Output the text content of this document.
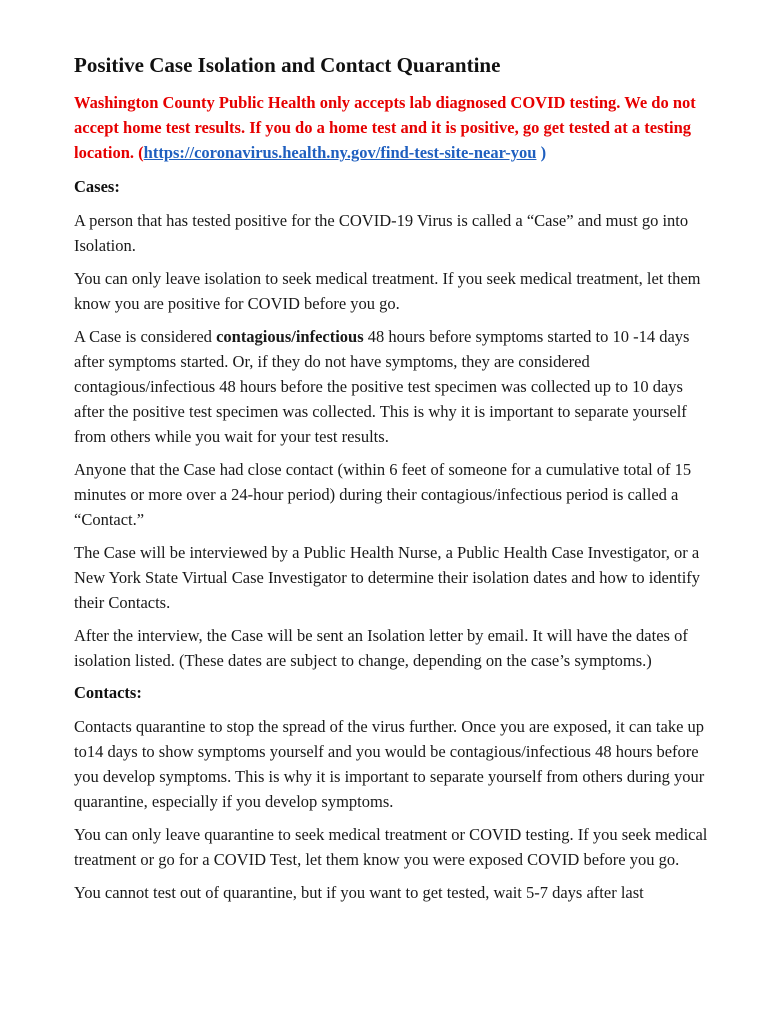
Positive Case Isolation and Contact Quarantine
Washington County Public Health only accepts lab diagnosed COVID testing. We do not accept home test results. If you do a home test and it is positive, go get tested at a testing location. (https://coronavirus.health.ny.gov/find-test-site-near-you )
Cases:

A person that has tested positive for the COVID-19 Virus is called a “Case” and must go into Isolation.

You can only leave isolation to seek medical treatment. If you seek medical treatment, let them know you are positive for COVID before you go.

A Case is considered contagious/infectious 48 hours before symptoms started to 10 -14 days after symptoms started. Or, if they do not have symptoms, they are considered contagious/infectious 48 hours before the positive test specimen was collected up to 10 days after the positive test specimen was collected. This is why it is important to separate yourself from others while you wait for your test results.

Anyone that the Case had close contact (within 6 feet of someone for a cumulative total of 15 minutes or more over a 24-hour period) during their contagious/infectious period is called a “Contact.”

The Case will be interviewed by a Public Health Nurse, a Public Health Case Investigator, or a New York State Virtual Case Investigator to determine their isolation dates and how to identify their Contacts.

After the interview, the Case will be sent an Isolation letter by email. It will have the dates of isolation listed. (These dates are subject to change, depending on the case’s symptoms.)

Contacts:

Contacts quarantine to stop the spread of the virus further. Once you are exposed, it can take up to14 days to show symptoms yourself and you would be contagious/infectious 48 hours before you develop symptoms. This is why it is important to separate yourself from others during your quarantine, especially if you develop symptoms.

You can only leave quarantine to seek medical treatment or COVID testing. If you seek medical treatment or go for a COVID Test, let them know you were exposed COVID before you go.

You cannot test out of quarantine, but if you want to get tested, wait 5-7 days after last
